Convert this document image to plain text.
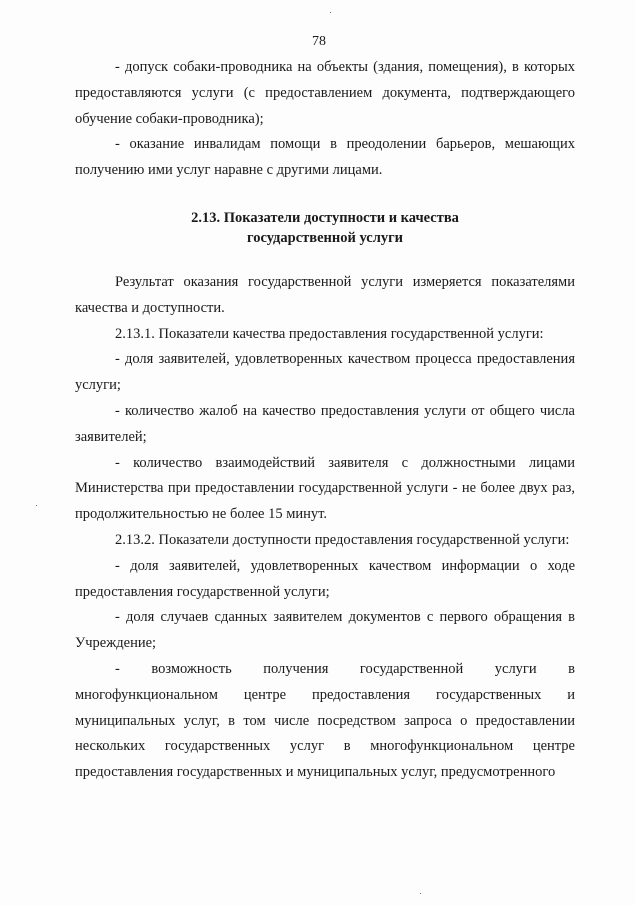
78

- допуск собаки-проводника на объекты (здания, помещения), в которых предоставляются услуги (с предоставлением документа, подтверждающего обучение собаки-проводника);

- оказание инвалидам помощи в преодолении барьеров, мешающих получению ими услуг наравне с другими лицами.

2.13. Показатели доступности и качества
государственной услуги

Результат оказания государственной услуги измеряется показателями качества и доступности.

2.13.1. Показатели качества предоставления государственной услуги:

- доля заявителей, удовлетворенных качеством процесса предоставления услуги;

- количество жалоб на качество предоставления услуги от общего числа заявителей;

- количество взаимодействий заявителя с должностными лицами Министерства при предоставлении государственной услуги - не более двух раз, продолжительностью не более 15 минут.

2.13.2. Показатели доступности предоставления государственной услуги:

- доля заявителей, удовлетворенных качеством информации о ходе предоставления государственной услуги;

- доля случаев сданных заявителем документов с первого обращения в Учреждение;

- возможность получения государственной услуги в многофункциональном центре предоставления государственных и муниципальных услуг, в том числе посредством запроса о предоставлении нескольких государственных услуг в многофункциональном центре предоставления государственных и муниципальных услуг, предусмотренного
